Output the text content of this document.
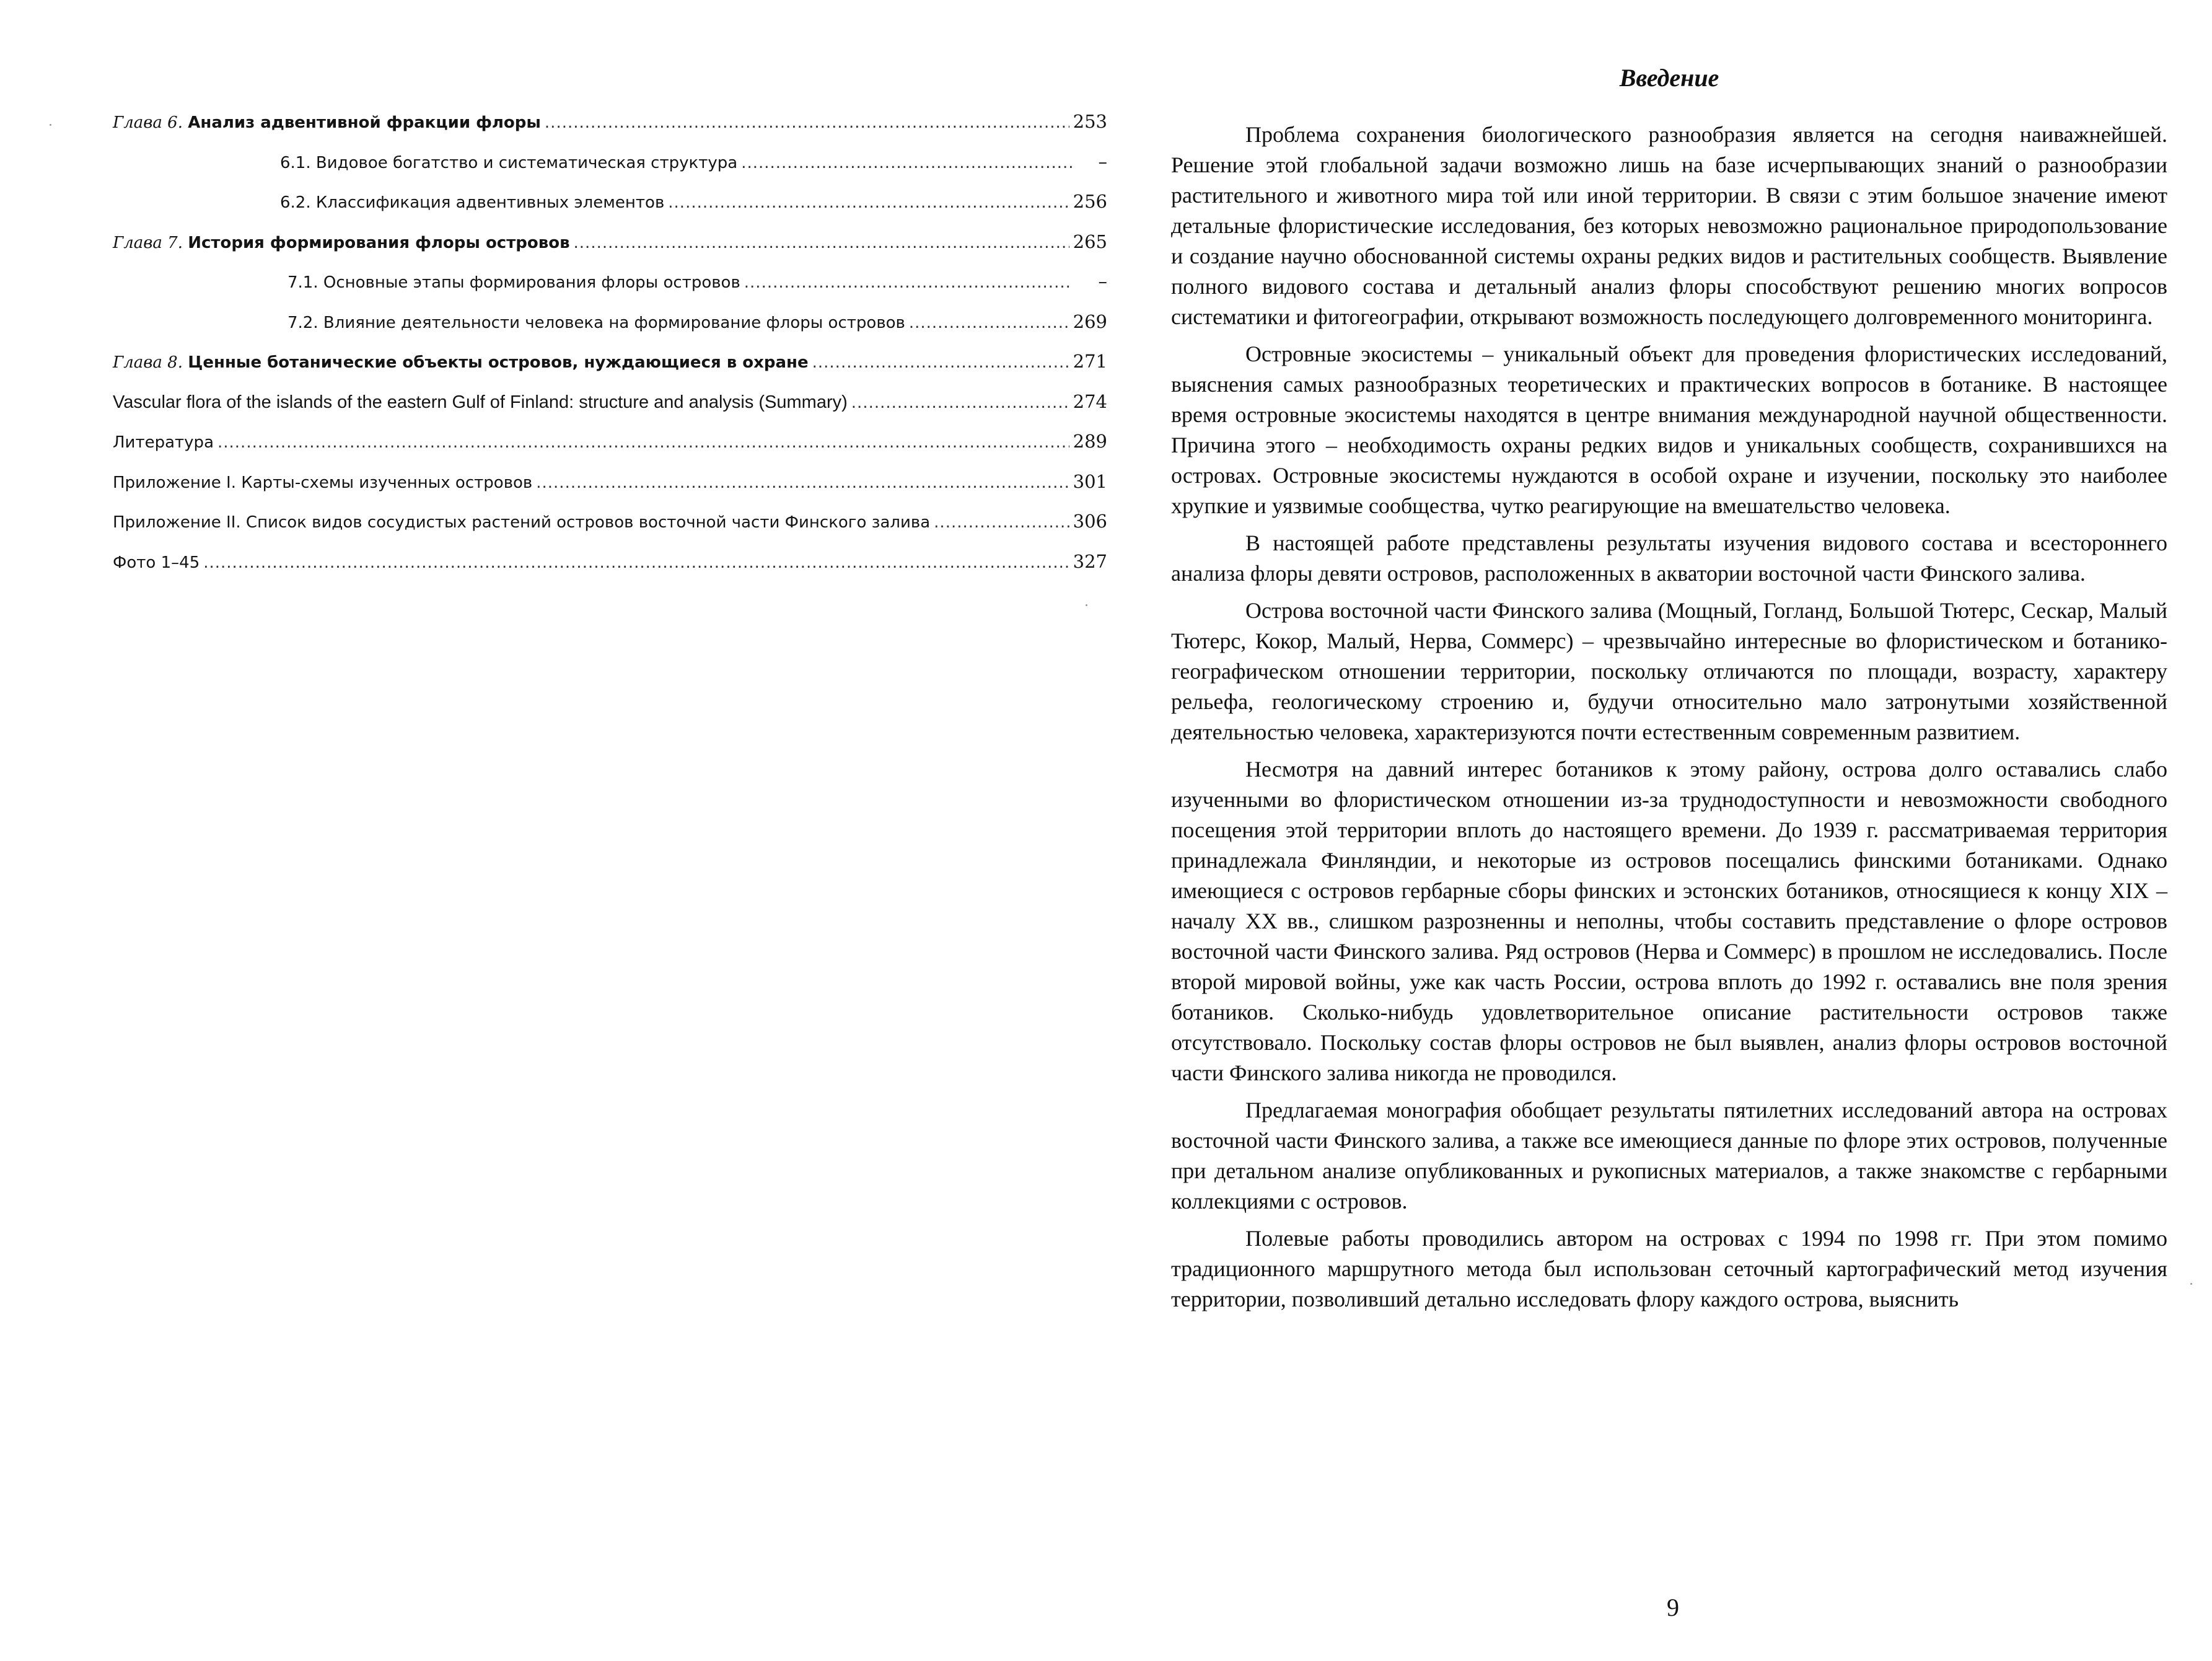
Глава 6. Анализ адвентивной фракции флоры .....	253
6.1. Видовое богатство и систематическая структура .....	–
6.2. Классификация адвентивных элементов .....	256
Глава 7. История формирования флоры островов .....	265
7.1. Основные этапы формирования флоры островов .....	–
7.2. Влияние деятельности человека на формирование флоры островов .....	269
Глава 8. Ценные ботанические объекты островов, нуждающиеся в охране .....	271
Vascular flora of the islands of the eastern Gulf of Finland: structure and analysis (Summary) .....	274
Литература .....	289
Приложение I. Карты-схемы изученных островов .....	301
Приложение II. Список видов сосудистых растений островов восточной части Финского залива .....	306
Фото 1–45 .....	327
Введение

Проблема сохранения биологического разнообразия является на сегодня наиважнейшей. Решение этой глобальной задачи возможно лишь на базе исчерпывающих знаний о разнообразии растительного и животного мира той или иной территории. В связи с этим большое значение имеют детальные флористические исследования, без которых невозможно рациональное природопользование и создание научно обоснованной системы охраны редких видов и растительных сообществ. Выявление полного видового состава и детальный анализ флоры способствуют решению многих вопросов систематики и фитогеографии, открывают возможность последующего долговременного мониторинга.

Островные экосистемы – уникальный объект для проведения флористических исследований, выяснения самых разнообразных теоретических и практических вопросов в ботанике. В настоящее время островные экосистемы находятся в центре внимания международной научной общественности. Причина этого – необходимость охраны редких видов и уникальных сообществ, сохранившихся на островах. Островные экосистемы нуждаются в особой охране и изучении, поскольку это наиболее хрупкие и уязвимые сообщества, чутко реагирующие на вмешательство человека.

В настоящей работе представлены результаты изучения видового состава и всестороннего анализа флоры девяти островов, расположенных в акватории восточной части Финского залива.

Острова восточной части Финского залива (Мощный, Гогланд, Большой Тютерс, Сескар, Малый Тютерс, Кокор, Малый, Нерва, Соммерс) – чрезвычайно интересные во флористическом и ботанико-географическом отношении территории, поскольку отличаются по площади, возрасту, характеру рельефа, геологическому строению и, будучи относительно мало затронутыми хозяйственной деятельностью человека, характеризуются почти естественным современным развитием.

Несмотря на давний интерес ботаников к этому району, острова долго оставались слабо изученными во флористическом отношении из-за труднодоступности и невозможности свободного посещения этой территории вплоть до настоящего времени. До 1939 г. рассматриваемая территория принадлежала Финляндии, и некоторые из островов посещались финскими ботаниками. Однако имеющиеся с островов гербарные сборы финских и эстонских ботаников, относящиеся к концу XIX – началу XX вв., слишком разрозненны и неполны, чтобы составить представление о флоре островов восточной части Финского залива. Ряд островов (Нерва и Соммерс) в прошлом не исследовались. После второй мировой войны, уже как часть России, острова вплоть до 1992 г. оставались вне поля зрения ботаников. Сколько-нибудь удовлетворительное описание растительности островов также отсутствовало. Поскольку состав флоры островов не был выявлен, анализ флоры островов восточной части Финского залива никогда не проводился.

Предлагаемая монография обобщает результаты пятилетних исследований автора на островах восточной части Финского залива, а также все имеющиеся данные по флоре этих островов, полученные при детальном анализе опубликованных и рукописных материалов, а также знакомстве с гербарными коллекциями с островов.

Полевые работы проводились автором на островах с 1994 по 1998 гг. При этом помимо традиционного маршрутного метода был использован сеточный картографический метод изучения территории, позволивший детально исследовать флору каждого острова, выяснить

9
